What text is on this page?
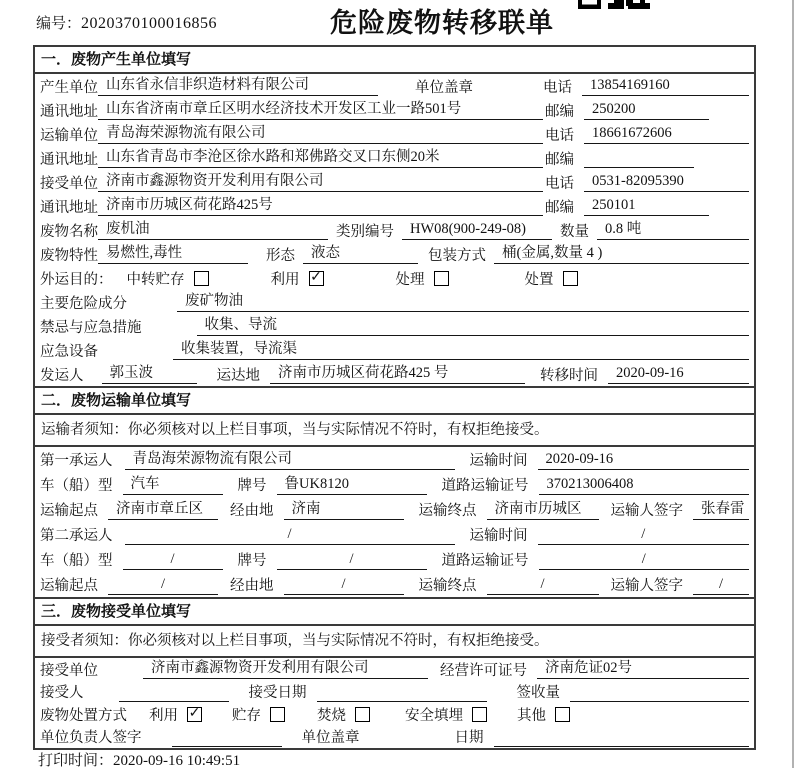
编号：2020370100016856	危险废物转移联单
一．废物产生单位填写
产生单位 山东省永信非织造材料有限公司	单位盖章	电话	13854169160
通讯地址 山东省济南市章丘区明水经济技术开发区工业一路501号	邮编	250200
运输单位 青岛海荣源物流有限公司	电话	18661672606
通讯地址 山东省青岛市李沧区徐水路和郑佛路交叉口东侧20米	邮编
接受单位 济南市鑫源物资开发利用有限公司	电话	0531-82095390
通讯地址 济南市历城区荷花路425号	邮编	250101
废物名称 废机油	类别编号	HW08(900-249-08)	数量	0.8 吨
废物特性 易燃性,毒性	形态	液态	包装方式	桶(金属,数量 4 )
外运目的： 中转贮存	利用 ✓	处理	处置
主要危险成分	废矿物油
禁忌与应急措施	收集、导流
应急设备	收集装置，导流渠
发运人	郭玉波	运达地	济南市历城区荷花路425 号	转移时间	2020-09-16
二．废物运输单位填写
运输者须知：你必须核对以上栏目事项，当与实际情况不符时，有权拒绝接受。
第一承运人	青岛海荣源物流有限公司	运输时间	2020-09-16
车（船）型	汽车	牌号	鲁UK8120	道路运输证号	370213006408
运输起点	济南市章丘区	经由地	济南	运输终点	济南市历城区	运输人签字	张春雷
第二承运人	/	运输时间	/
车（船）型	/	牌号	/	道路运输证号	/
运输起点	/	经由地	/	运输终点	/	运输人签字	/
三．废物接受单位填写
接受者须知：你必须核对以上栏目事项，当与实际情况不符时，有权拒绝接受。
接受单位	济南市鑫源物资开发利用有限公司	经营许可证号	济南危证02号
接受人	接受日期	签收量
废物处置方式 利用 ✓ 贮存	焚烧	安全填埋	其他
单位负责人签字	单位盖章	日期
打印时间：2020-09-16 10:49:51
